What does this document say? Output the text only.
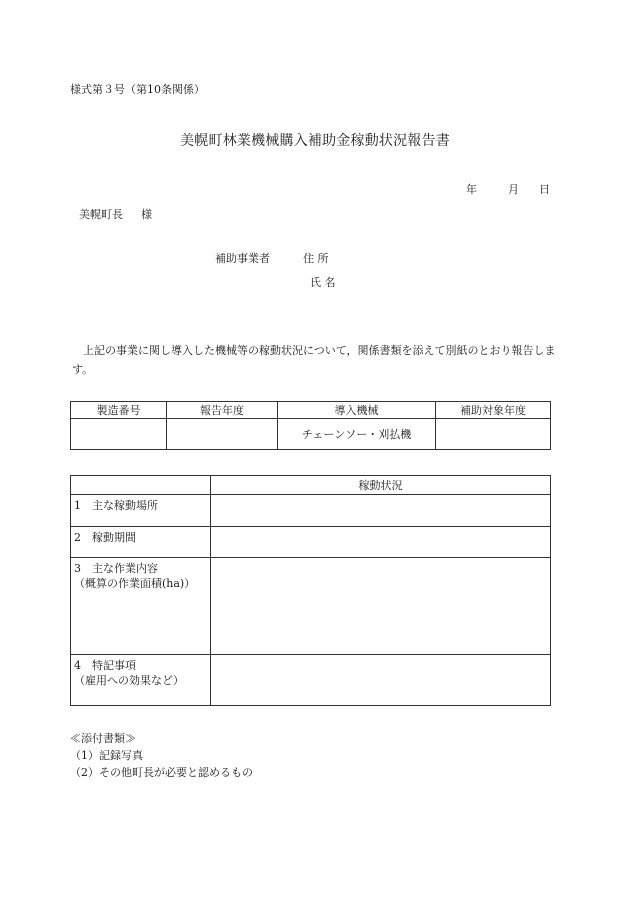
様式第３号（第10条関係）
美幌町林業機械購入補助金稼動状況報告書
年	月 日
美幌町長 様
補助事業者	住 所
氏 名
上記の事業に関し導入した機械等の稼動状況について，関係書類を添えて別紙のとおり報告します。
製造番号	報告年度	導入機械	補助対象年度
		チェーンソー・刈払機	
	稼動状況

1　主な稼動場所	

2　稼動期間	

3　主な作業内容
（概算の作業面積(ha)）	

4　特記事項
（雇用への効果など）	

≪添付書類≫
（1）記録写真
（2）その他町長が必要と認めるもの
